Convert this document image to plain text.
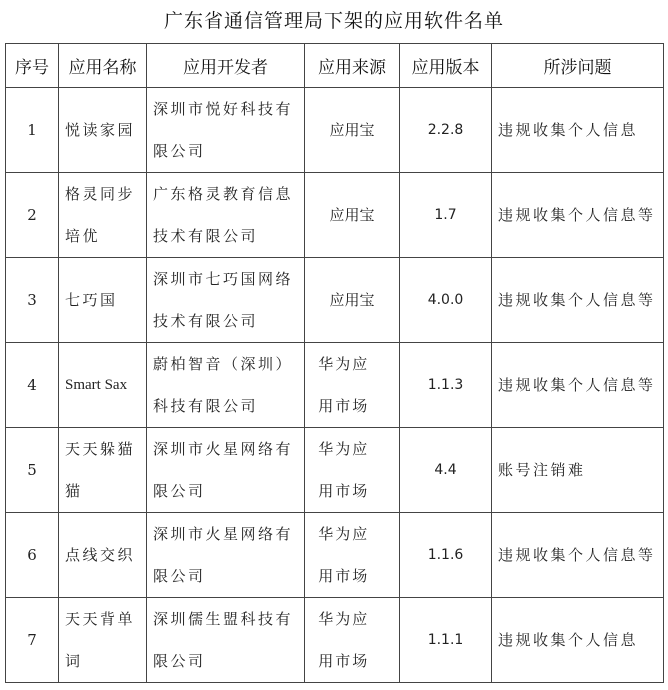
广东省通信管理局下架的应用软件名单
序号	应用名称	应用开发者	应用来源	应用版本	所涉问题
1	悦读家园	深圳市悦好科技有限公司	应用宝	2.2.8	违规收集个人信息

2	格灵同步培优	广东格灵教育信息技术有限公司	应用宝	1.7	违规收集个人信息等

3	七巧国	深圳市七巧国网络技术有限公司	应用宝	4.0.0	违规收集个人信息等

4	Smart Sax	蔚柏智音（深圳）科技有限公司	华为应用市场	1.1.3	违规收集个人信息等

5	天天躲猫猫	深圳市火星网络有限公司	华为应用市场	4.4	账号注销难

6	点线交织	深圳市火星网络有限公司	华为应用市场	1.1.6	违规收集个人信息等

7	天天背单词	深圳儒生盟科技有限公司	华为应用市场	1.1.1	违规收集个人信息
